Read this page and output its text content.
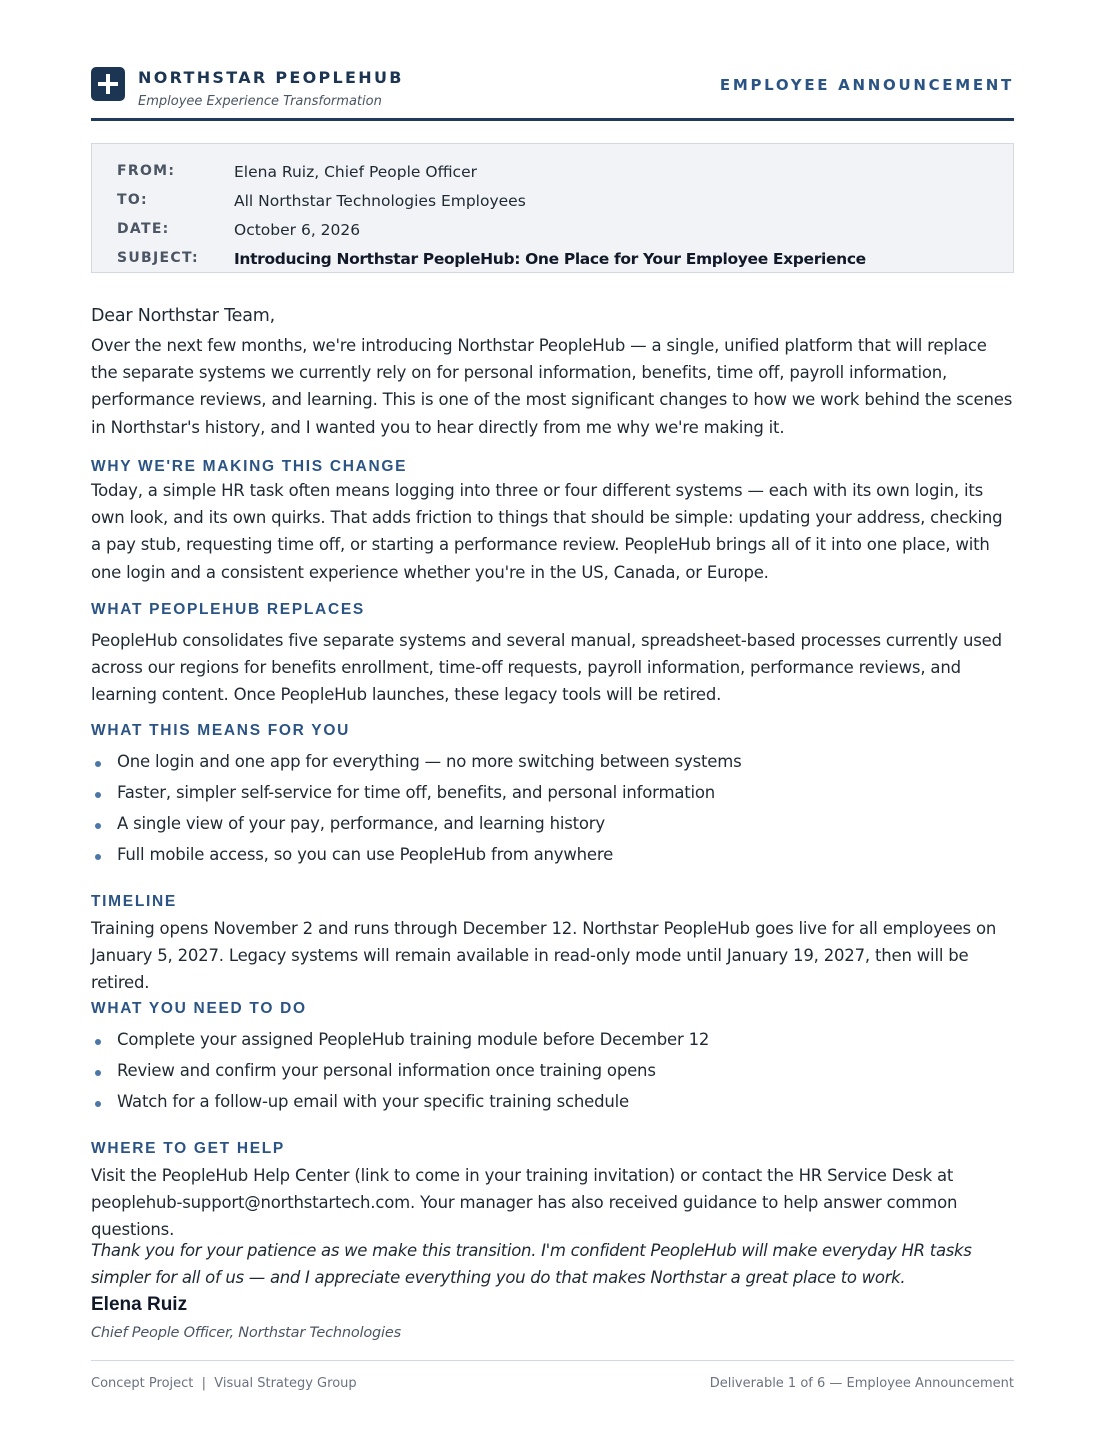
NORTHSTAR PEOPLEHUB
Employee Experience Transformation
EMPLOYEE ANNOUNCEMENT
FROM:	Elena Ruiz, Chief People Officer
TO:	All Northstar Technologies Employees
DATE:	October 6, 2026
SUBJECT: Introducing Northstar PeopleHub: One Place for Your Employee Experience
Dear Northstar Team,
Over the next few months, we're introducing Northstar PeopleHub — a single, unified platform that will replace the separate systems we currently rely on for personal information, benefits, time off, payroll information, performance reviews, and learning. This is one of the most significant changes to how we work behind the scenes in Northstar's history, and I wanted you to hear directly from me why we're making it.
WHY WE'RE MAKING THIS CHANGE
Today, a simple HR task often means logging into three or four different systems — each with its own login, its own look, and its own quirks. That adds friction to things that should be simple: updating your address, checking a pay stub, requesting time off, or starting a performance review. PeopleHub brings all of it into one place, with one login and a consistent experience whether you're in the US, Canada, or Europe.
WHAT PEOPLEHUB REPLACES
PeopleHub consolidates five separate systems and several manual, spreadsheet-based processes currently used across our regions for benefits enrollment, time-off requests, payroll information, performance reviews, and learning content. Once PeopleHub launches, these legacy tools will be retired.
WHAT THIS MEANS FOR YOU
One login and one app for everything — no more switching between systems
Faster, simpler self-service for time off, benefits, and personal information
A single view of your pay, performance, and learning history
Full mobile access, so you can use PeopleHub from anywhere
TIMELINE
Training opens November 2 and runs through December 12. Northstar PeopleHub goes live for all employees on January 5, 2027. Legacy systems will remain available in read-only mode until January 19, 2027, then will be retired.
WHAT YOU NEED TO DO
Complete your assigned PeopleHub training module before December 12
Review and confirm your personal information once training opens
Watch for a follow-up email with your specific training schedule
WHERE TO GET HELP
Visit the PeopleHub Help Center (link to come in your training invitation) or contact the HR Service Desk at peoplehub-support@northstartech.com. Your manager has also received guidance to help answer common questions.
Thank you for your patience as we make this transition. I'm confident PeopleHub will make everyday HR tasks simpler for all of us — and I appreciate everything you do that makes Northstar a great place to work.
Elena Ruiz
Chief People Officer, Northstar Technologies
Concept Project  |  Visual Strategy Group	Deliverable 1 of 6 — Employee Announcement
